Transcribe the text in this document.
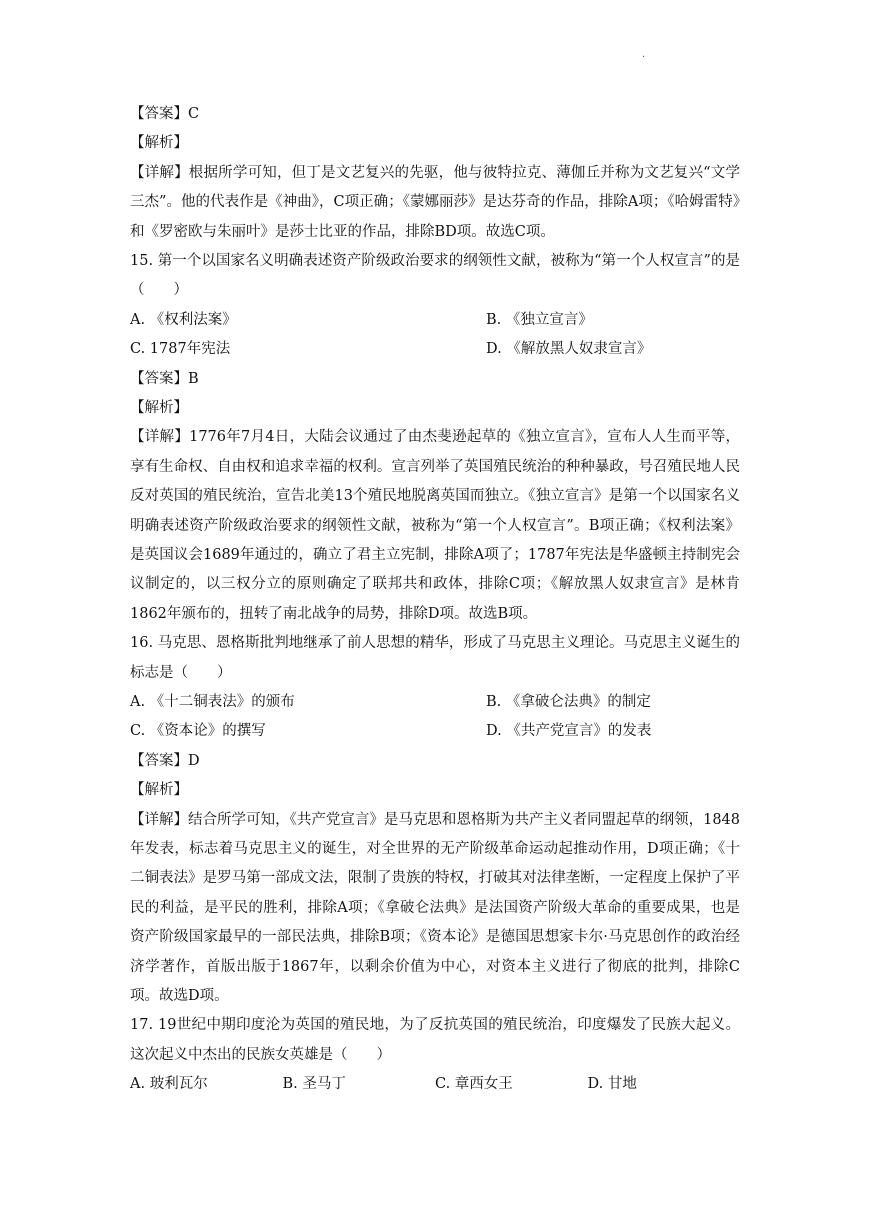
·
【答案】C
【解析】
【详解】根据所学可知，但丁是文艺复兴的先驱，他与彼特拉克、薄伽丘并称为文艺复兴“文学三杰”。他的代表作是《神曲》，C项正确；《蒙娜丽莎》是达芬奇的作品，排除A项；《哈姆雷特》和《罗密欧与朱丽叶》是莎士比亚的作品，排除BD项。故选C项。
15. 第一个以国家名义明确表述资产阶级政治要求的纲领性文献，被称为“第一个人权宣言”的是（　　）
A. 《权利法案》	B. 《独立宣言》
C. 1787年宪法	D. 《解放黑人奴隶宣言》
【答案】B
【解析】
【详解】1776年7月4日，大陆会议通过了由杰斐逊起草的《独立宣言》，宣布人人生而平等，享有生命权、自由权和追求幸福的权利。宣言列举了英国殖民统治的种种暴政，号召殖民地人民反对英国的殖民统治，宣告北美13个殖民地脱离英国而独立。《独立宣言》是第一个以国家名义明确表述资产阶级政治要求的纲领性文献，被称为“第一个人权宣言”。B项正确；《权利法案》是英国议会1689年通过的，确立了君主立宪制，排除A项了；1787年宪法是华盛顿主持制宪会议制定的，以三权分立的原则确定了联邦共和政体，排除C项；《解放黑人奴隶宣言》是林肯1862年颁布的，扭转了南北战争的局势，排除D项。故选B项。
16. 马克思、恩格斯批判地继承了前人思想的精华，形成了马克思主义理论。马克思主义诞生的标志是（　　）
A. 《十二铜表法》的颁布	B. 《拿破仑法典》的制定
C. 《资本论》的撰写	D. 《共产党宣言》的发表
【答案】D
【解析】
【详解】结合所学可知，《共产党宣言》是马克思和恩格斯为共产主义者同盟起草的纲领，1848年发表，标志着马克思主义的诞生，对全世界的无产阶级革命运动起推动作用，D项正确；《十二铜表法》是罗马第一部成文法，限制了贵族的特权，打破其对法律垄断，一定程度上保护了平民的利益，是平民的胜利，排除A项；《拿破仑法典》是法国资产阶级大革命的重要成果，也是资产阶级国家最早的一部民法典，排除B项；《资本论》是德国思想家卡尔·马克思创作的政治经济学著作，首版出版于1867年，以剩余价值为中心，对资本主义进行了彻底的批判，排除C项。故选D项。
17. 19世纪中期印度沦为英国的殖民地，为了反抗英国的殖民统治，印度爆发了民族大起义。这次起义中杰出的民族女英雄是（　　）
A. 玻利瓦尔	B. 圣马丁	C. 章西女王	D. 甘地
